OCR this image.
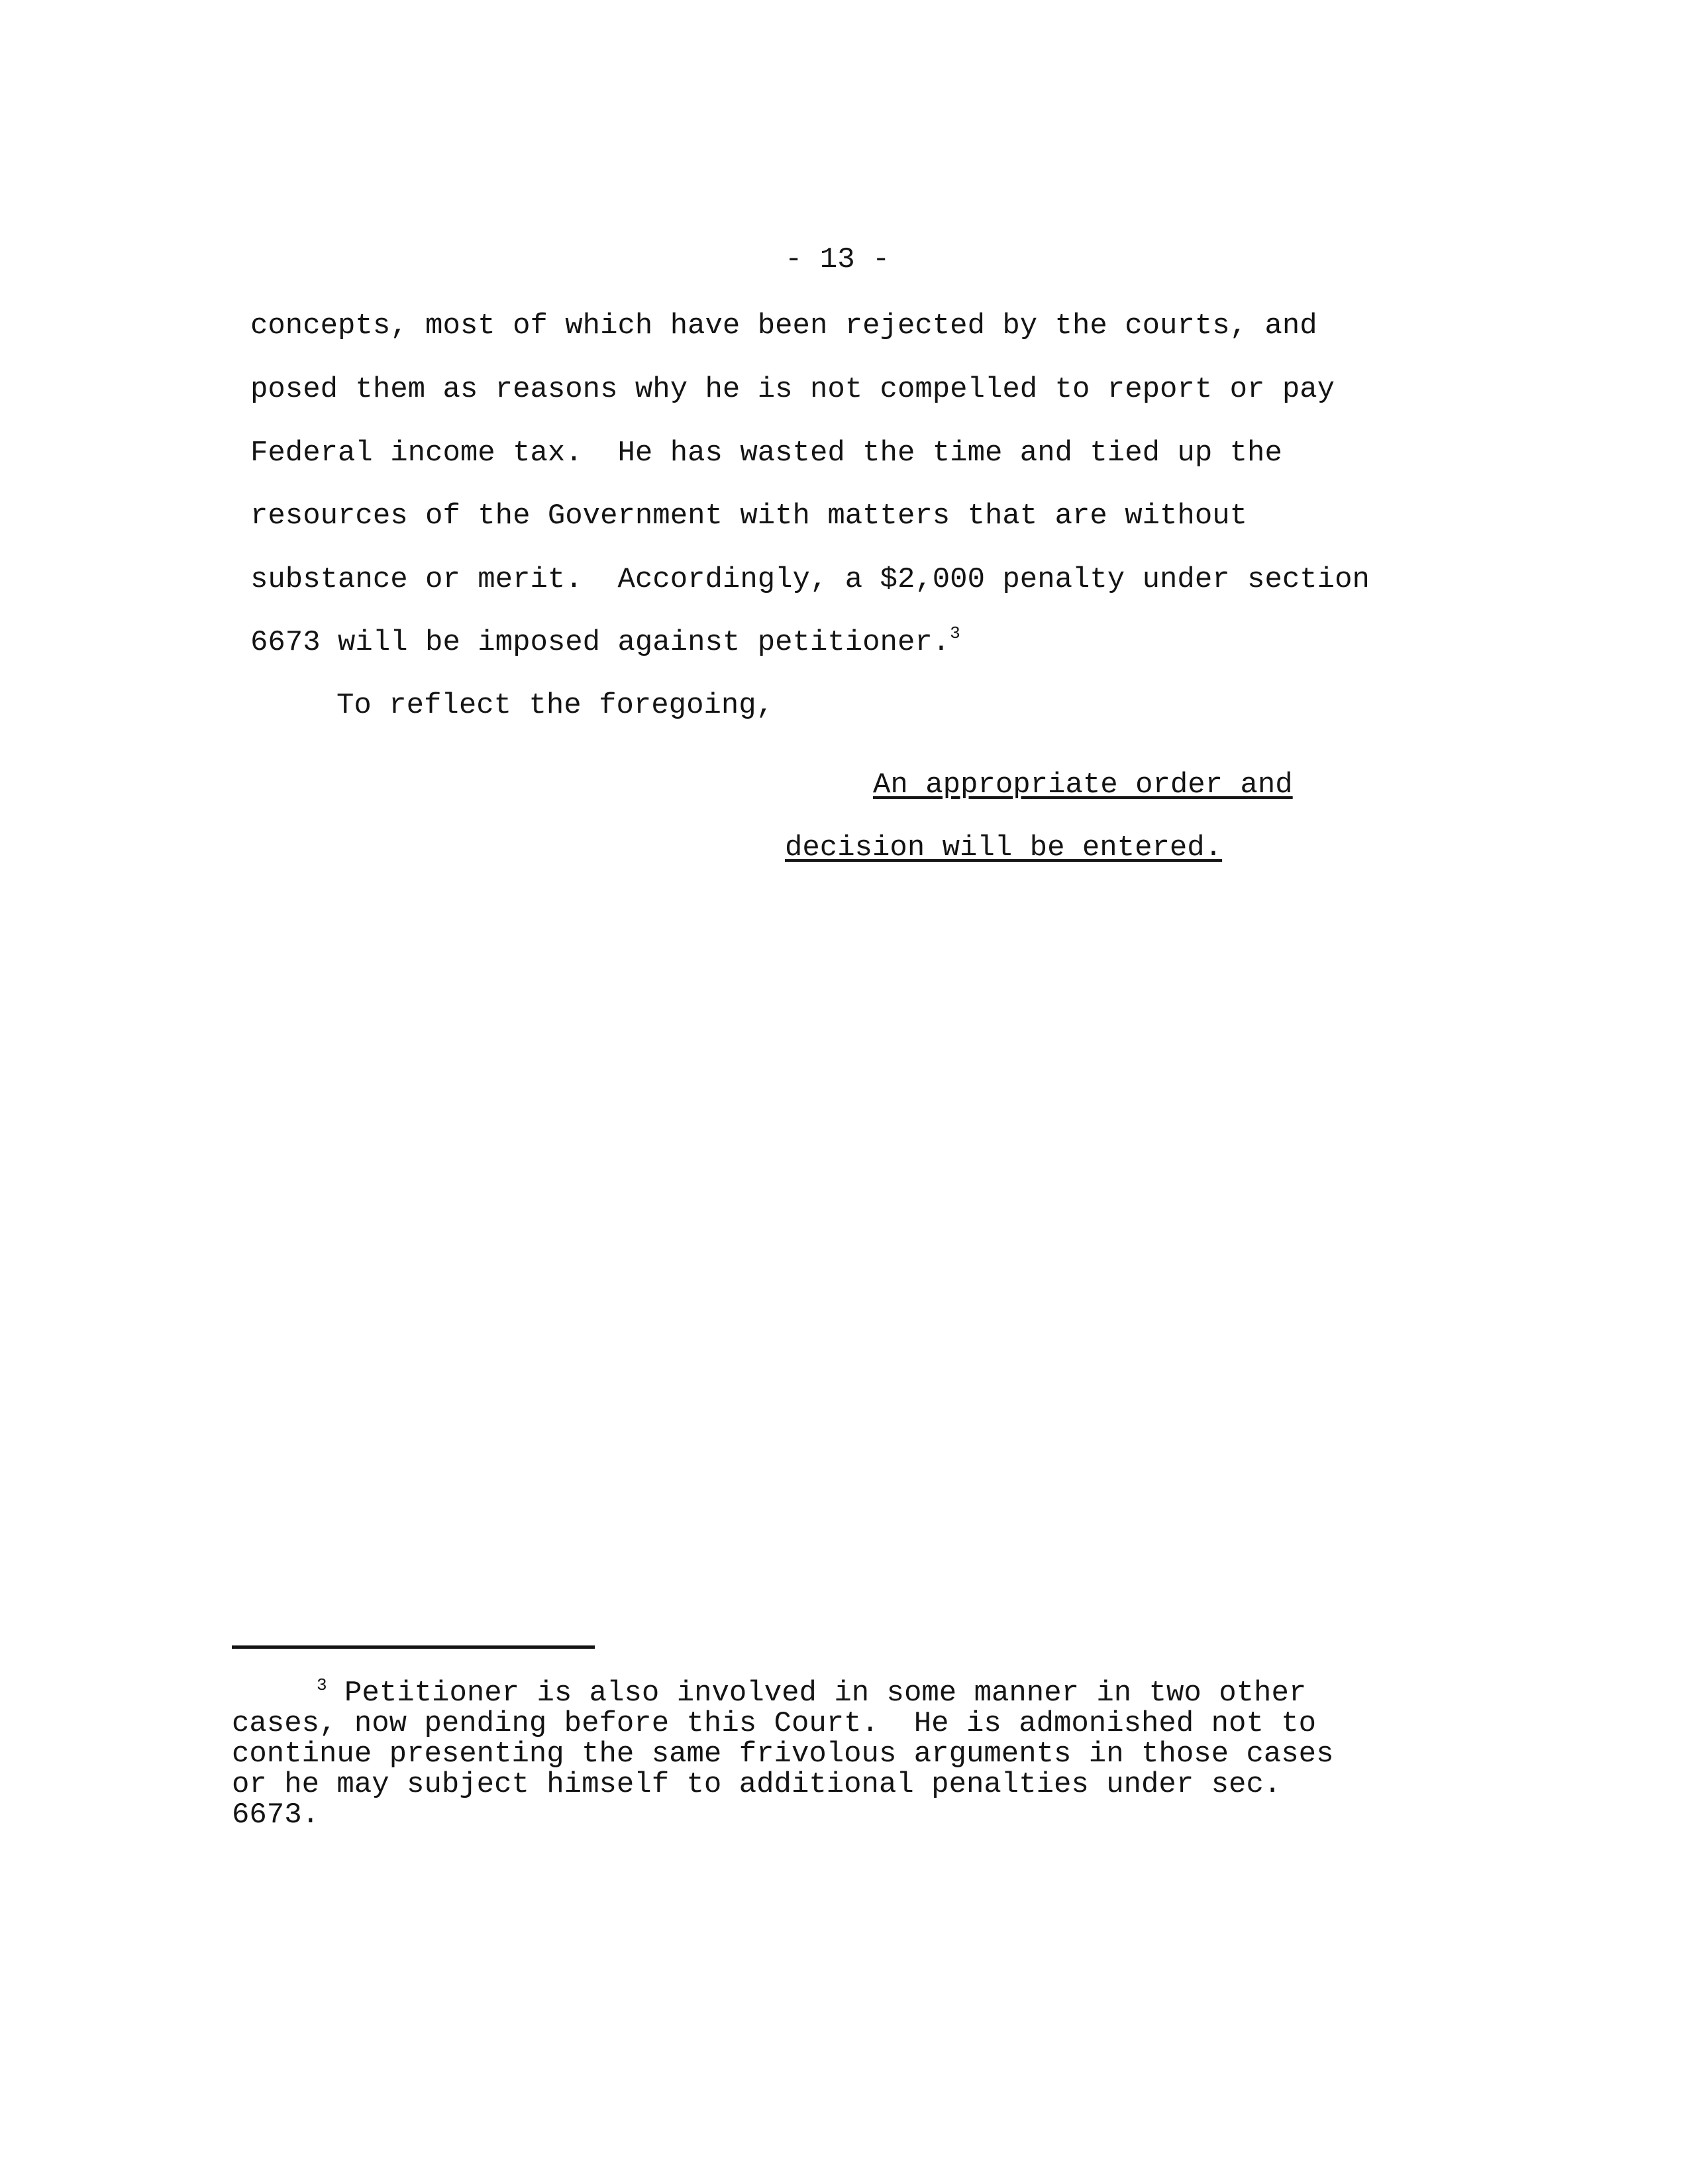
- 13 -
concepts, most of which have been rejected by the courts, and
posed them as reasons why he is not compelled to report or pay
Federal income tax.  He has wasted the time and tied up the
resources of the Government with matters that are without
substance or merit.  Accordingly, a $2,000 penalty under section
6673 will be imposed against petitioner.$^3$
To reflect the foregoing,
An appropriate order and
decision will be entered.
$^3$ Petitioner is also involved in some manner in two other
cases, now pending before this Court.  He is admonished not to
continue presenting the same frivolous arguments in those cases
or he may subject himself to additional penalties under sec.
6673.
